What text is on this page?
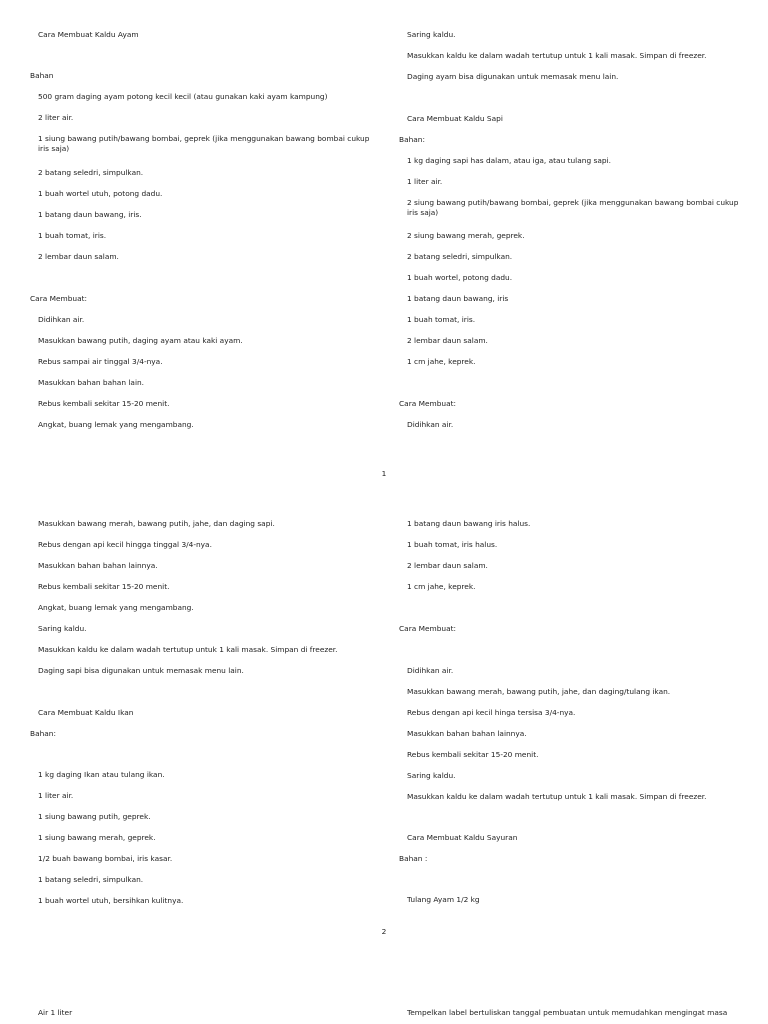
Cara Membuat Kaldu Ayam
Bahan
500 gram daging ayam potong kecil kecil (atau gunakan kaki ayam kampung)
2 liter air.
1 siung bawang putih/bawang bombai, geprek (jika menggunakan bawang bombai cukup iris saja)
2 batang seledri, simpulkan.
1 buah wortel utuh, potong dadu.
1 batang daun bawang, iris.
1 buah tomat, iris.
2 lembar daun salam.
Cara Membuat:
Didihkan air.
Masukkan bawang putih, daging ayam atau kaki ayam.
Rebus sampai air tinggal 3/4-nya.
Masukkan bahan bahan lain.
Rebus kembali sekitar 15-20 menit.
Angkat, buang lemak yang mengambang.
Saring kaldu.
Masukkan kaldu ke dalam wadah tertutup untuk 1 kali masak. Simpan di freezer.
Daging ayam bisa digunakan untuk memasak menu lain.
Cara Membuat Kaldu Sapi
Bahan:
1 kg daging sapi has dalam, atau iga, atau tulang sapi.
1 liter air.
2 siung bawang putih/bawang bombai, geprek (jika menggunakan bawang bombai cukup iris saja)
2 siung bawang merah, geprek.
2 batang seledri, simpulkan.
1 buah wortel, potong dadu.
1 batang daun bawang, iris
1 buah tomat, iris.
2 lembar daun salam.
1 cm jahe, keprek.
Cara Membuat:
Didihkan air.
1
Masukkan bawang merah, bawang putih, jahe, dan daging sapi.
Rebus dengan api kecil hingga tinggal 3/4-nya.
Masukkan bahan bahan lainnya.
Rebus kembali sekitar 15-20 menit.
Angkat, buang lemak yang mengambang.
Saring kaldu.
Masukkan kaldu ke dalam wadah tertutup untuk 1 kali masak. Simpan di freezer.
Daging sapi bisa digunakan untuk memasak menu lain.
Cara Membuat Kaldu Ikan
Bahan:
1 kg daging Ikan atau tulang ikan.
1 liter air.
1 siung bawang putih, geprek.
1 siung bawang merah, geprek.
1/2 buah bawang bombai, iris kasar.
1 batang seledri, simpulkan.
1 buah wortel utuh, bersihkan kulitnya.
1 batang daun bawang iris halus.
1 buah tomat, iris halus.
2 lembar daun salam.
1 cm jahe, keprek.
Cara Membuat:
Didihkan air.
Masukkan bawang merah, bawang putih, jahe, dan daging/tulang ikan.
Rebus dengan api kecil hinga tersisa 3/4-nya.
Masukkan bahan bahan lainnya.
Rebus kembali sekitar 15-20 menit.
Saring kaldu.
Masukkan kaldu ke dalam wadah tertutup untuk 1 kali masak. Simpan di freezer.
Cara Membuat Kaldu Sayuran
Bahan :
Tulang Ayam 1/2 kg
2
Air 1 liter	Tempelkan label bertuliskan tanggal pembuatan untuk memudahkan mengingat masa
